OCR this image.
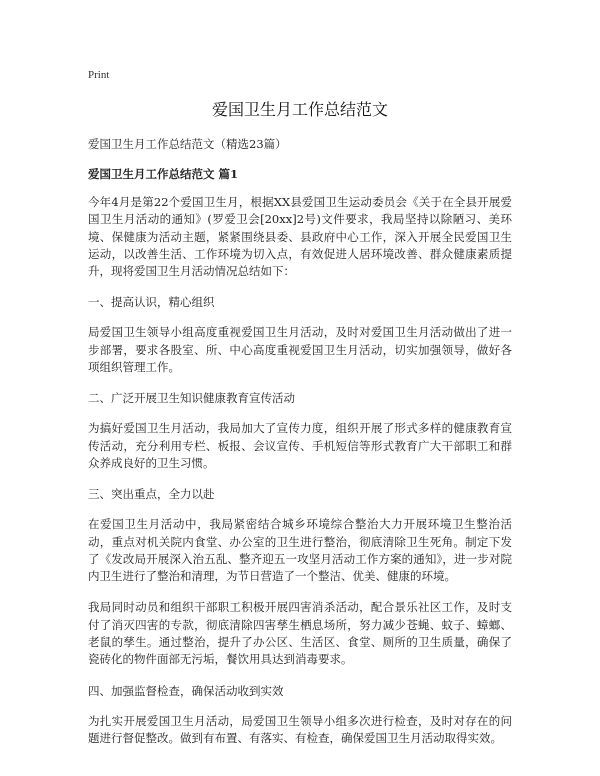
Print
爱国卫生月工作总结范文

爱国卫生月工作总结范文（精选23篇）

爱国卫生月工作总结范文 篇1

今年4月是第22个爱国卫生月，根据XX县爱国卫生运动委员会《关于在全县开展爱国卫生月活动的通知》(罗爱卫会[20xx]2号)文件要求，我局坚持以除陋习、美环境、保健康为活动主题，紧紧围绕县委、县政府中心工作，深入开展全民爱国卫生运动，以改善生活、工作环境为切入点，有效促进人居环境改善、群众健康素质提升，现将爱国卫生月活动情况总结如下：

一、提高认识，精心组织

局爱国卫生领导小组高度重视爱国卫生月活动，及时对爱国卫生月活动做出了进一步部署，要求各股室、所、中心高度重视爱国卫生月活动，切实加强领导，做好各项组织管理工作。

二、广泛开展卫生知识健康教育宣传活动

为搞好爱国卫生月活动，我局加大了宣传力度，组织开展了形式多样的健康教育宣传活动，充分利用专栏、板报、会议宣传、手机短信等形式教育广大干部职工和群众养成良好的卫生习惯。

三、突出重点，全力以赴

在爱国卫生月活动中，我局紧密结合城乡环境综合整治大力开展环境卫生整治活动，重点对机关院内食堂、办公室的卫生进行整治，彻底清除卫生死角。制定下发了《发改局开展深入治五乱、整齐迎五一攻坚月活动工作方案的通知》，进一步对院内卫生进行了整治和清理，为节日营造了一个整洁、优美、健康的环境。

我局同时动员和组织干部职工积极开展四害消杀活动，配合景乐社区工作，及时支付了消灭四害的专款，彻底清除四害孳生栖息场所，努力减少苍蝇、蚊子、蟑螂、老鼠的孳生。通过整治，提升了办公区、生活区、食堂、厕所的卫生质量，确保了瓷砖化的物件面部无污垢，餐饮用具达到消毒要求。

四、加强监督检查，确保活动收到实效

为扎实开展爱国卫生月活动，局爱国卫生领导小组多次进行检查，及时对存在的问题进行督促整改。做到有布置、有落实、有检查，确保爱国卫生月活动取得实效。
